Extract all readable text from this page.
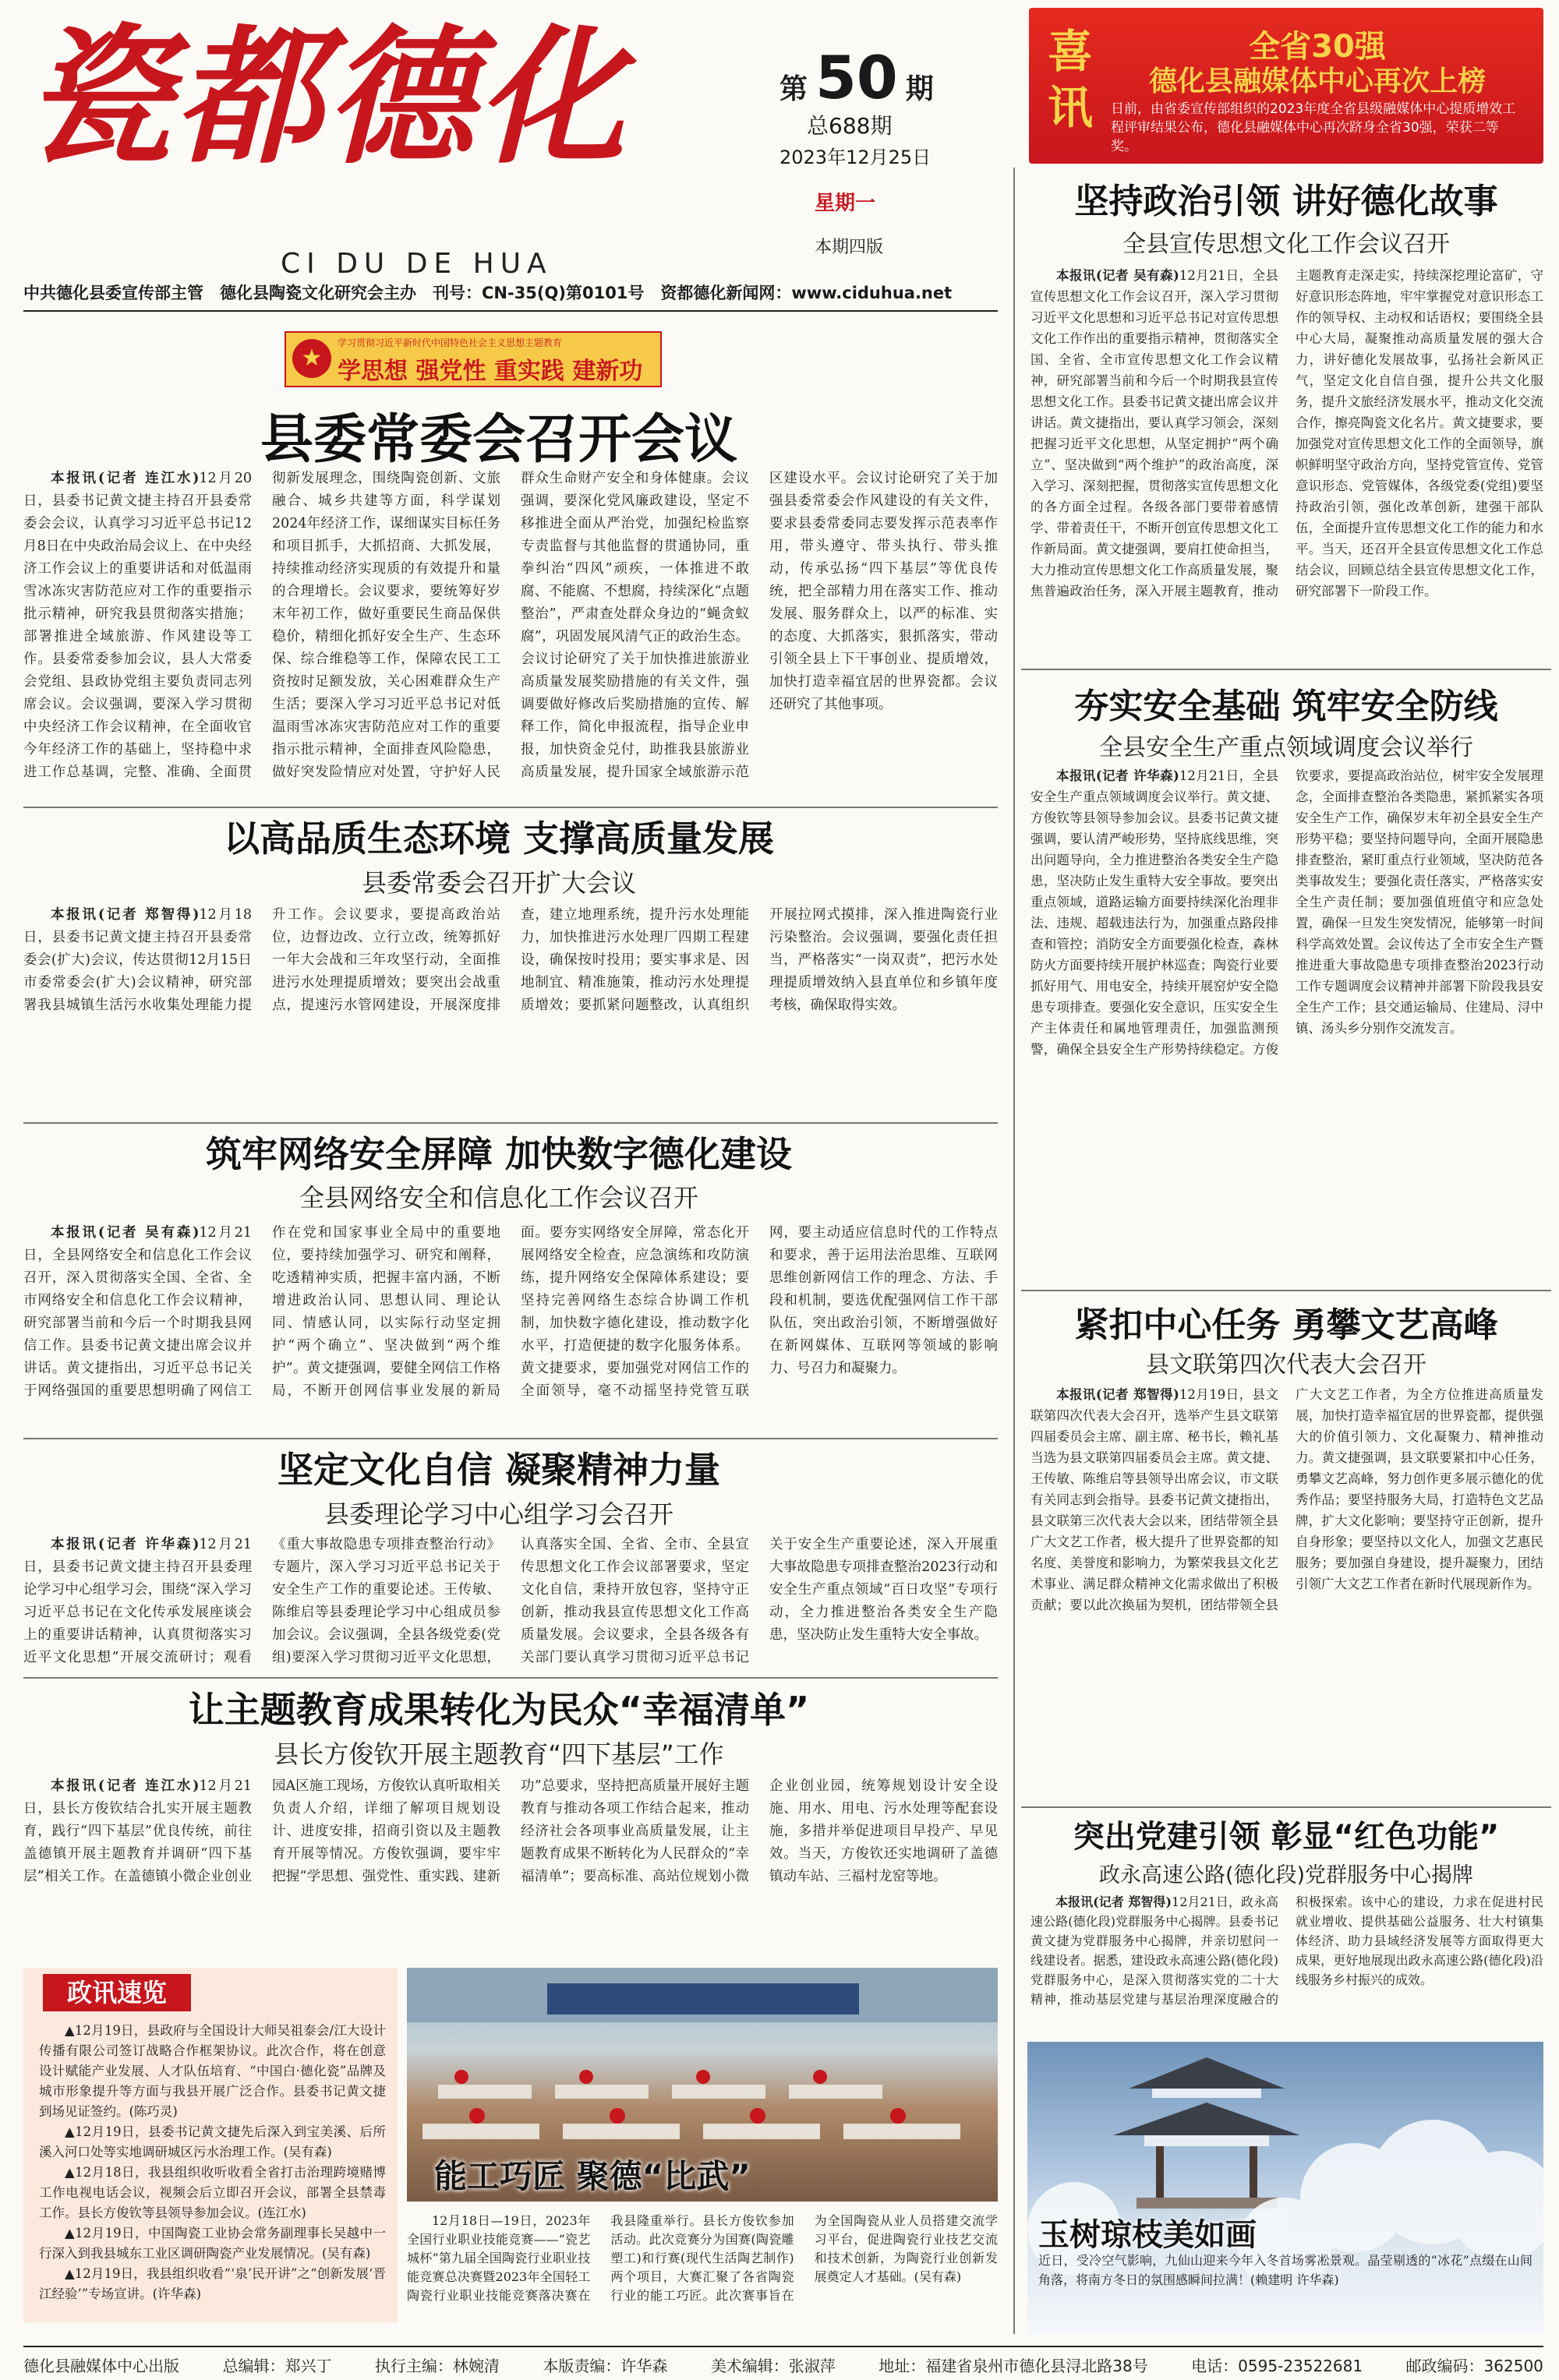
瓷都德化
CI DU DE HUA
第 50 期
总688期
2023年12月25日
星期一
本期四版
中共德化县委宣传部主管　德化县陶瓷文化研究会主办　刊号：CN-35(Q)第0101号　资都德化新闻网：www.ciduhua.net
喜
讯
全省30强
德化县融媒体中心再次上榜
日前，由省委宣传部组织的2023年度全省县级融媒体中心提质增效工程评审结果公布，德化县融媒体中心再次跻身全省30强，荣获二等奖。
★
学习贯彻习近平新时代中国特色社会主义思想主题教育
学思想 强党性 重实践 建新功
县委常委会召开会议

本报讯(记者 连江水)12月20日，县委书记黄文捷主持召开县委常委会会议，认真学习习近平总书记12月8日在中央政治局会议上、在中央经济工作会议上的重要讲话和对低温雨雪冰冻灾害防范应对工作的重要指示批示精神，研究我县贯彻落实措施；部署推进全域旅游、作风建设等工作。县委常委参加会议，县人大常委会党组、县政协党组主要负责同志列席会议。会议强调，要深入学习贯彻中央经济工作会议精神，在全面收官今年经济工作的基础上，坚持稳中求进工作总基调，完整、准确、全面贯彻新发展理念，围绕陶瓷创新、文旅融合、城乡共建等方面，科学谋划2024年经济工作，谋细谋实目标任务和项目抓手，大抓招商、大抓发展，持续推动经济实现质的有效提升和量的合理增长。会议要求，要统筹好岁末年初工作，做好重要民生商品保供稳价，精细化抓好安全生产、生态环保、综合维稳等工作，保障农民工工资按时足额发放，关心困难群众生产生活；要深入学习习近平总书记对低温雨雪冰冻灾害防范应对工作的重要指示批示精神，全面排查风险隐患，做好突发险情应对处置，守护好人民群众生命财产安全和身体健康。会议强调，要深化党风廉政建设，坚定不移推进全面从严治党，加强纪检监察专责监督与其他监督的贯通协同，重拳纠治“四风”顽疾，一体推进不敢腐、不能腐、不想腐，持续深化“点题整治”，严肃查处群众身边的“蝇贪蚁腐”，巩固发展风清气正的政治生态。会议讨论研究了关于加快推进旅游业高质量发展奖励措施的有关文件，强调要做好修改后奖励措施的宣传、解释工作，简化申报流程，指导企业申报，加快资金兑付，助推我县旅游业高质量发展，提升国家全域旅游示范区建设水平。会议讨论研究了关于加强县委常委会作风建设的有关文件，要求县委常委同志要发挥示范表率作用，带头遵守、带头执行、带头推动，传承弘扬“四下基层”等优良传统，把全部精力用在落实工作、推动发展、服务群众上，以严的标准、实的态度、大抓落实，狠抓落实，带动引领全县上下干事创业、提质增效，加快打造幸福宜居的世界瓷都。会议还研究了其他事项。

以高品质生态环境 支撑高质量发展
县委常委会召开扩大会议

本报讯(记者 郑智得)12月18日，县委书记黄文捷主持召开县委常委会(扩大)会议，传达贯彻12月15日市委常委会(扩大)会议精神，研究部署我县城镇生活污水收集处理能力提升工作。会议要求，要提高政治站位，边督边改、立行立改，统筹抓好一年大会战和三年攻坚行动，全面推进污水处理提质增效；要突出会战重点，提速污水管网建设，开展深度排查，建立地理系统，提升污水处理能力，加快推进污水处理厂四期工程建设，确保按时投用；要实事求是、因地制宜、精准施策，推动污水处理提质增效；要抓紧问题整改，认真组织开展拉网式摸排，深入推进陶瓷行业污染整治。会议强调，要强化责任担当，严格落实“一岗双责”，把污水处理提质增效纳入县直单位和乡镇年度考核，确保取得实效。

筑牢网络安全屏障 加快数字德化建设
全县网络安全和信息化工作会议召开

本报讯(记者 吴有森)12月21日，全县网络安全和信息化工作会议召开，深入贯彻落实全国、全省、全市网络安全和信息化工作会议精神，研究部署当前和今后一个时期我县网信工作。县委书记黄文捷出席会议并讲话。黄文捷指出，习近平总书记关于网络强国的重要思想明确了网信工作在党和国家事业全局中的重要地位，要持续加强学习、研究和阐释，吃透精神实质，把握丰富内涵，不断增进政治认同、思想认同、理论认同、情感认同，以实际行动坚定拥护“两个确立”、坚决做到“两个维护”。黄文捷强调，要健全网信工作格局，不断开创网信事业发展的新局面。要夯实网络安全屏障，常态化开展网络安全检查，应急演练和攻防演练，提升网络安全保障体系建设；要坚持完善网络生态综合协调工作机制，加快数字德化建设，推动数字化水平，打造便捷的数字化服务体系。黄文捷要求，要加强党对网信工作的全面领导，毫不动摇坚持党管互联网，要主动适应信息时代的工作特点和要求，善于运用法治思维、互联网思维创新网信工作的理念、方法、手段和机制，要选优配强网信工作干部队伍，突出政治引领，不断增强做好在新网媒体、互联网等领域的影响力、号召力和凝聚力。

坚定文化自信 凝聚精神力量
县委理论学习中心组学习会召开

本报讯(记者 许华森)12月21日，县委书记黄文捷主持召开县委理论学习中心组学习会，围绕“深入学习习近平总书记在文化传承发展座谈会上的重要讲话精神，认真贯彻落实习近平文化思想”开展交流研讨；观看《重大事故隐患专项排查整治行动》专题片，深入学习习近平总书记关于安全生产工作的重要论述。王传敏、陈维启等县委理论学习中心组成员参加会议。会议强调，全县各级党委(党组)要深入学习贯彻习近平文化思想，认真落实全国、全省、全市、全县宣传思想文化工作会议部署要求，坚定文化自信，秉持开放包容，坚持守正创新，推动我县宣传思想文化工作高质量发展。会议要求，全县各级各有关部门要认真学习贯彻习近平总书记关于安全生产重要论述，深入开展重大事故隐患专项排查整治2023行动和安全生产重点领域“百日攻坚”专项行动，全力推进整治各类安全生产隐患，坚决防止发生重特大安全事故。

让主题教育成果转化为民众“幸福清单”
县长方俊钦开展主题教育“四下基层”工作

本报讯(记者 连江水)12月21日，县长方俊钦结合扎实开展主题教育，践行“四下基层”优良传统，前往盖德镇开展主题教育并调研“四下基层”相关工作。在盖德镇小微企业创业园A区施工现场，方俊钦认真听取相关负责人介绍，详细了解项目规划设计、进度安排，招商引资以及主题教育开展等情况。方俊钦强调，要牢牢把握“学思想、强党性、重实践、建新功”总要求，坚持把高质量开展好主题教育与推动各项工作结合起来，推动经济社会各项事业高质量发展，让主题教育成果不断转化为人民群众的“幸福清单”；要高标准、高站位规划小微企业创业园，统筹规划设计安全设施、用水、用电、污水处理等配套设施，多措并举促进项目早投产、早见效。当天，方俊钦还实地调研了盖德镇动车站、三福村龙窑等地。

政讯速览

▲12月19日，县政府与全国设计大师吴祖泰会/江大设计传播有限公司签订战略合作框架协议。此次合作，将在创意设计赋能产业发展、人才队伍培育、“中国白·德化瓷”品牌及城市形象提升等方面与我县开展广泛合作。县委书记黄文捷到场见证签约。(陈巧灵)

▲12月19日，县委书记黄文捷先后深入到宝美溪、后所溪入河口处等实地调研城区污水治理工作。(吴有森)

▲12月18日，我县组织收听收看全省打击治理跨境赌博工作电视电话会议，视频会后立即召开会议，部署全县禁毒工作。县长方俊钦等县领导参加会议。(连江水)

▲12月19日，中国陶瓷工业协会常务副理事长吴越中一行深入到我县城东工业区调研陶瓷产业发展情况。(吴有森)

▲12月19日，我县组织收看“‘泉’民开讲”之“创新发展‘晋江经验’”专场宣讲。(许华森)

能工巧匠 聚德“比武”

12月18日—19日，2023年全国行业职业技能竞赛——“瓷艺城杯”第九届全国陶瓷行业职业技能竞赛总决赛暨2023年全国轻工陶瓷行业职业技能竞赛落决赛在我县隆重举行。县长方俊钦参加活动。此次竞赛分为国赛(陶瓷雕塑工)和行赛(现代生活陶艺制作)两个项目，大赛汇聚了各省陶瓷行业的能工巧匠。此次赛事旨在为全国陶瓷从业人员搭建交流学习平台，促进陶瓷行业技艺交流和技术创新，为陶瓷行业创新发展奠定人才基础。(吴有森)

坚持政治引领 讲好德化故事
全县宣传思想文化工作会议召开

本报讯(记者 吴有森)12月21日，全县宣传思想文化工作会议召开，深入学习贯彻习近平文化思想和习近平总书记对宣传思想文化工作作出的重要指示精神，贯彻落实全国、全省、全市宣传思想文化工作会议精神，研究部署当前和今后一个时期我县宣传思想文化工作。县委书记黄文捷出席会议并讲话。黄文捷指出，要认真学习领会，深刻把握习近平文化思想，从坚定拥护“两个确立”、坚决做到“两个维护”的政治高度，深入学习、深刻把握，贯彻落实宣传思想文化的各方面全过程。各级各部门要带着感情学、带着责任干，不断开创宣传思想文化工作新局面。黄文捷强调，要肩扛使命担当，大力推动宣传思想文化工作高质量发展，聚焦普遍政治任务，深入开展主题教育，推动主题教育走深走实，持续深挖理论富矿，守好意识形态阵地，牢牢掌握党对意识形态工作的领导权、主动权和话语权；要围绕全县中心大局，凝聚推动高质量发展的强大合力，讲好德化发展故事，弘扬社会新风正气，坚定文化自信自强，提升公共文化服务，提升文旅经济发展水平，推动文化交流合作，擦亮陶瓷文化名片。黄文捷要求，要加强党对宣传思想文化工作的全面领导，旗帜鲜明坚守政治方向，坚持党管宣传、党管意识形态、党管媒体，各级党委(党组)要坚持政治引领，强化改革创新，建强干部队伍，全面提升宣传思想文化工作的能力和水平。当天，还召开全县宣传思想文化工作总结会议，回顾总结全县宣传思想文化工作，研究部署下一阶段工作。

夯实安全基础 筑牢安全防线
全县安全生产重点领域调度会议举行

本报讯(记者 许华森)12月21日，全县安全生产重点领域调度会议举行。黄文捷、方俊钦等县领导参加会议。县委书记黄文捷强调，要认清严峻形势，坚持底线思维，突出问题导向，全力推进整治各类安全生产隐患，坚决防止发生重特大安全事故。要突出重点领域，道路运输方面要持续深化治理非法、违规、超载违法行为，加强重点路段排查和管控；消防安全方面要强化检查，森林防火方面要持续开展护林巡查；陶瓷行业要抓好用气、用电安全，持续开展窑炉安全隐患专项排查。要强化安全意识，压实安全生产主体责任和属地管理责任，加强监测预警，确保全县安全生产形势持续稳定。方俊钦要求，要提高政治站位，树牢安全发展理念，全面排查整治各类隐患，紧抓紧实各项安全生产工作，确保岁末年初全县安全生产形势平稳；要坚持问题导向，全面开展隐患排查整治，紧盯重点行业领域，坚决防范各类事故发生；要强化责任落实，严格落实安全生产责任制；要加强值班值守和应急处置，确保一旦发生突发情况，能够第一时间科学高效处置。会议传达了全市安全生产暨推进重大事故隐患专项排查整治2023行动工作专题调度会议精神并部署下阶段我县安全生产工作；县交通运输局、住建局、浔中镇、汤头乡分别作交流发言。

紧扣中心任务 勇攀文艺高峰
县文联第四次代表大会召开

本报讯(记者 郑智得)12月19日，县文联第四次代表大会召开，选举产生县文联第四届委员会主席、副主席、秘书长，赖礼基当选为县文联第四届委员会主席。黄文捷、王传敏、陈维启等县领导出席会议，市文联有关同志到会指导。县委书记黄文捷指出，县文联第三次代表大会以来，团结带领全县广大文艺工作者，极大提升了世界瓷都的知名度、美誉度和影响力，为繁荣我县文化艺术事业、满足群众精神文化需求做出了积极贡献；要以此次换届为契机，团结带领全县广大文艺工作者，为全方位推进高质量发展，加快打造幸福宜居的世界瓷都，提供强大的价值引领力、文化凝聚力、精神推动力。黄文捷强调，县文联要紧扣中心任务，勇攀文艺高峰，努力创作更多展示德化的优秀作品；要坚持服务大局，打造特色文艺品牌，扩大文化影响；要坚持守正创新，提升自身形象；要坚持以文化人，加强文艺惠民服务；要加强自身建设，提升凝聚力，团结引领广大文艺工作者在新时代展现新作为。

突出党建引领 彰显“红色功能”
政永高速公路(德化段)党群服务中心揭牌

本报讯(记者 郑智得)12月21日，政永高速公路(德化段)党群服务中心揭牌。县委书记黄文捷为党群服务中心揭牌，并亲切慰问一线建设者。据悉，建设政永高速公路(德化段)党群服务中心，是深入贯彻落实党的二十大精神，推动基层党建与基层治理深度融合的积极探索。该中心的建设，力求在促进村民就业增收、提供基础公益服务、壮大村镇集体经济、助力县域经济发展等方面取得更大成果，更好地展现出政永高速公路(德化段)沿线服务乡村振兴的成效。

玉树琼枝美如画
近日，受冷空气影响，九仙山迎来今年入冬首场雾凇景观。晶莹剔透的“冰花”点缀在山间角落，将南方冬日的氛围感瞬间拉满！(赖建明 许华森)
德化县融媒体中心出版	总编辑：郑兴丁	执行主编：林婉清	本版责编：许华森	美术编辑：张淑萍	地址：福建省泉州市德化县浔北路38号	电话：0595-23522681	邮政编码：362500
